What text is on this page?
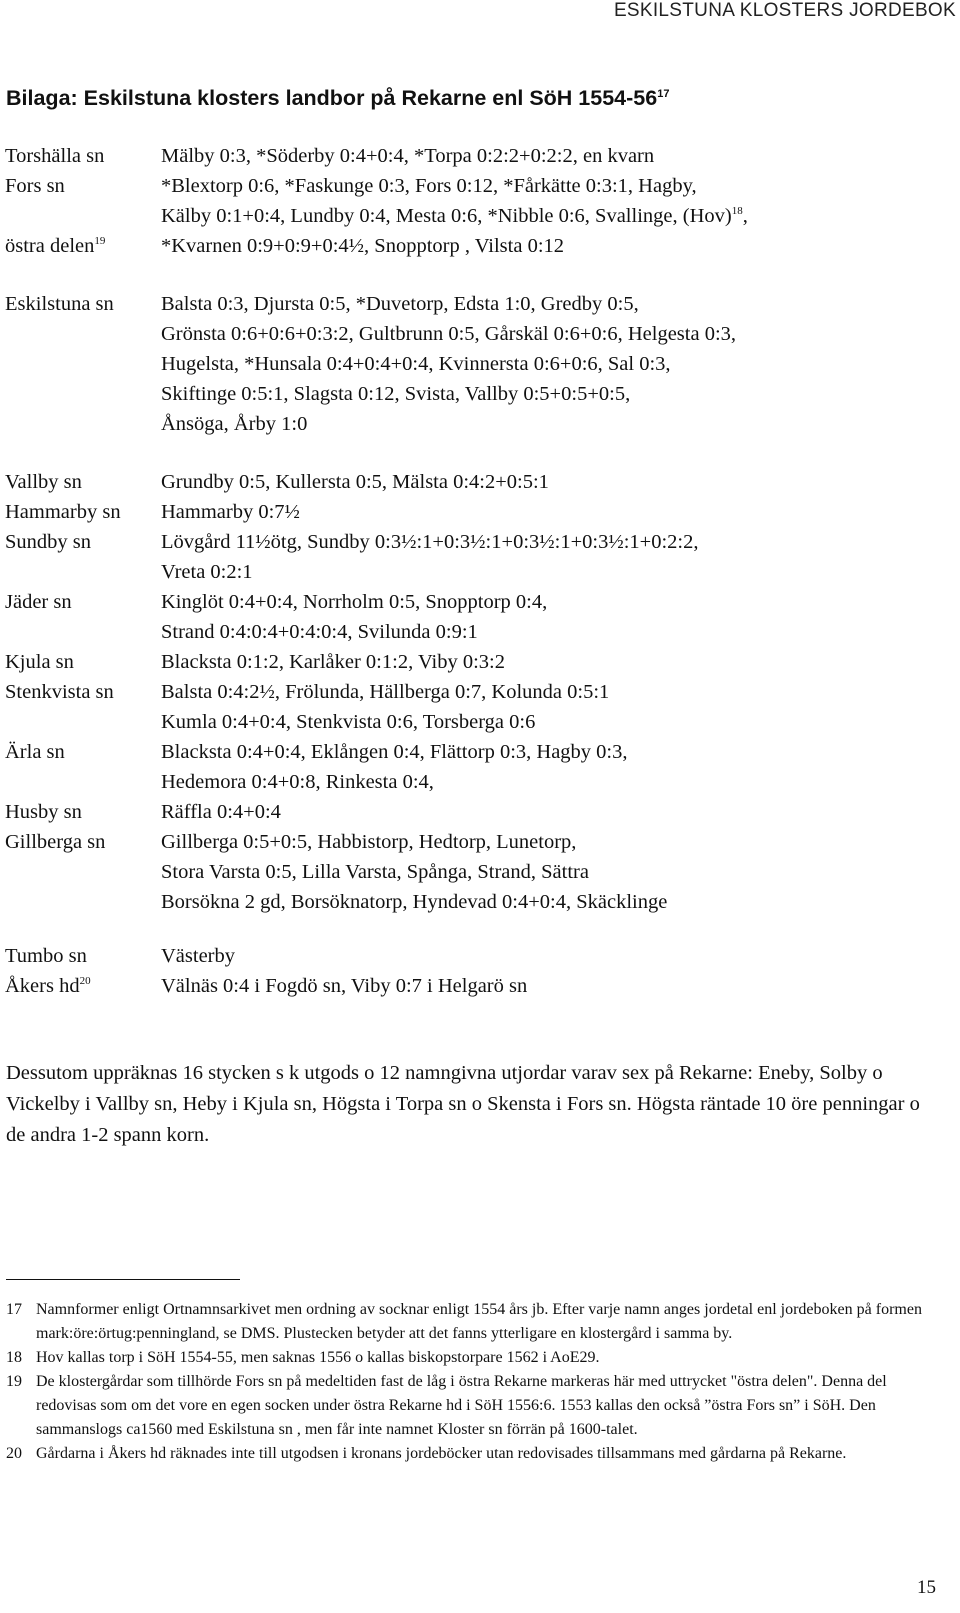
ESKILSTUNA KLOSTERS JORDEBOK
Bilaga: Eskilstuna klosters landbor på Rekarne enl SöH $1554-56^{17}$
Torshälla sn	Mälby 0:3, *Söderby 0:4+0:4, *Torpa 0:2:2+0:2:2, en kvarn
Fors sn	*Blextorp 0:6, *Faskunge 0:3, Fors 0:12, *Fårkätte 0:3:1, Hagby,
Kälby 0:1+0:4, Lundby 0:4, Mesta 0:6, *Nibble 0:6, Svallinge, (Hov)$^{18}$,
östra delen$^{19}$	*Kvarnen 0:9+0:9+0:4½, Snopptorp , Vilsta 0:12
Eskilstuna sn Balsta 0:3, Djursta 0:5, *Duvetorp, Edsta 1:0, Gredby 0:5,
Grönsta 0:6+0:6+0:3:2, Gultbrunn 0:5, Gårskäl 0:6+0:6, Helgesta 0:3,
Hugelsta, *Hunsala 0:4+0:4+0:4, Kvinnersta 0:6+0:6, Sal 0:3,
Skiftinge 0:5:1, Slagsta 0:12, Svista, Vallby 0:5+0:5+0:5,
Ånsöga, Årby 1:0
Vallby sn	Grundby 0:5, Kullersta 0:5, Mälsta 0:4:2+0:5:1
Hammarby sn Hammarby 0:7½
Sundby sn	Lövgård 11½ötg, Sundby 0:3½:1+0:3½:1+0:3½:1+0:3½:1+0:2:2,
Vreta 0:2:1
Jäder sn	Kinglöt 0:4+0:4, Norrholm 0:5, Snopptorp 0:4,
Strand 0:4:0:4+0:4:0:4, Svilunda 0:9:1
Kjula sn	Blacksta 0:1:2, Karlåker 0:1:2, Viby 0:3:2
Stenkvista sn Balsta 0:4:2½, Frölunda, Hällberga 0:7, Kolunda 0:5:1
Kumla 0:4+0:4, Stenkvista 0:6, Torsberga 0:6
Ärla sn	Blacksta 0:4+0:4, Eklången 0:4, Flättorp 0:3, Hagby 0:3,
Hedemora 0:4+0:8, Rinkesta 0:4,
Husby sn	Räffla 0:4+0:4
Gillberga sn	Gillberga 0:5+0:5, Habbistorp, Hedtorp, Lunetorp,
Stora Varsta 0:5, Lilla Varsta, Spånga, Strand, Sättra
Borsökna 2 gd, Borsöknatorp, Hyndevad 0:4+0:4, Skäcklinge
Tumbo sn	Västerby
Åkers $hd^{20}$	Välnäs 0:4 i Fogdö sn, Viby 0:7 i Helgarö sn

Dessutom uppräknas 16 stycken s k utgods o 12 namngivna utjordar varav sex på Rekarne: Eneby, Solby o Vickelby i Vallby sn, Heby i Kjula sn, Högsta i Torpa sn o Skensta i Fors sn. Högsta räntade 10 öre penningar o de andra 1-2 spann korn.

17 Namnformer enligt Ortnamnsarkivet men ordning av socknar enligt 1554 års jb. Efter varje namn anges jordetal enl jordeboken på formen mark:öre:örtug:penningland, se DMS. Plustecken betyder att det fanns ytterligare en klostergård i samma by.

18 Hov kallas torp i SöH 1554-55, men saknas 1556 o kallas biskopstorpare 1562 i AoE29.

19 De klostergårdar som tillhörde Fors sn på medeltiden fast de låg i östra Rekarne markeras här med uttrycket "östra delen". Denna del redovisas som om det vore en egen socken under östra Rekarne hd i SöH 1556:6. 1553 kallas den också ”östra Fors sn” i SöH. Den sammanslogs ca1560 med Eskilstuna sn , men får inte namnet Kloster sn förrän på 1600-talet.

20 Gårdarna i Åkers hd räknades inte till utgodsen i kronans jordeböcker utan redovisades tillsammans med gårdarna på Rekarne.

15
